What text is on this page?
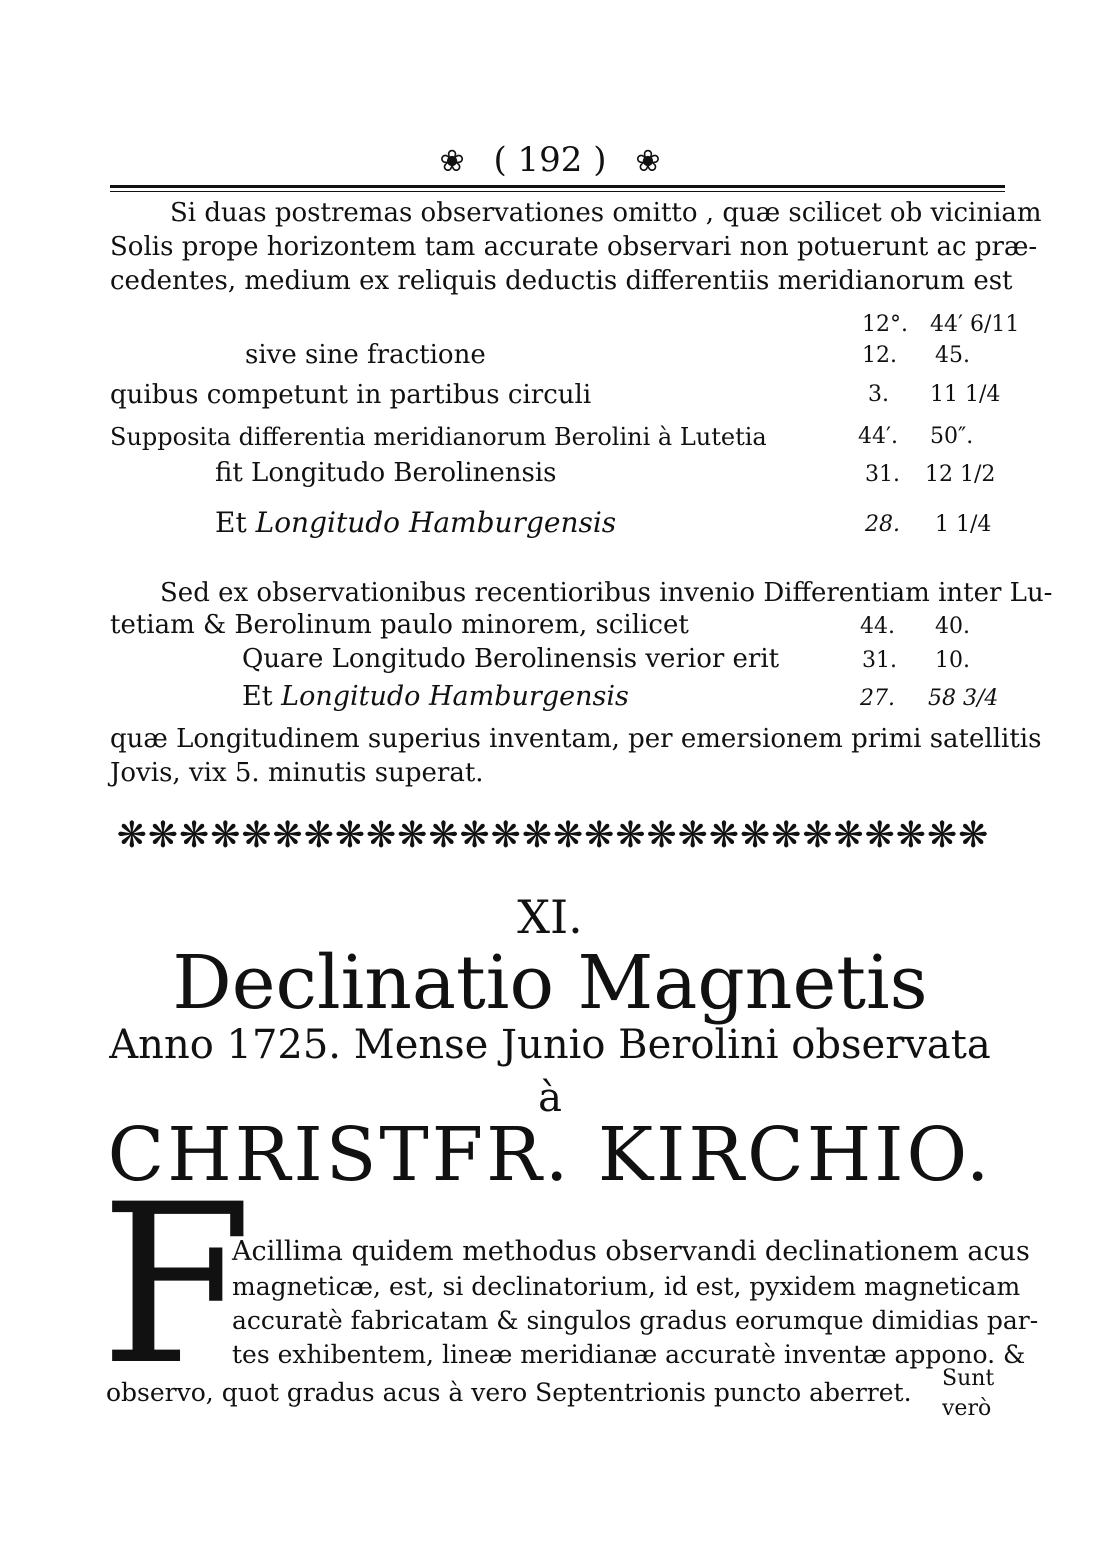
❀ ( 192 ) ❀
Si duas postremas observationes omitto , quæ scilicet ob viciniam
Solis prope horizontem tam accurate observari non potuerunt ac præ-
cedentes, medium ex reliquis deductis differentiis meridianorum est
12°. 44′ 6/11
sive sine fractione	12. 45.
quibus competunt in partibus circuli	3. 11 1/4
Supposita differentia meridianorum Berolini à Lutetia	44′. 50″.
fit Longitudo Berolinensis	31. 12 1/2
Et Longitudo Hamburgensis	28. 1 1/4
Sed ex observationibus recentioribus invenio Differentiam inter Lu-
tetiam & Berolinum paulo minorem, scilicet	44. 40.
Quare Longitudo Berolinensis verior erit	31. 10.
Et Longitudo Hamburgensis	27. 58 3/4
quæ Longitudinem superius inventam, per emersionem primi satellitis
Jovis, vix 5. minutis superat.
❋❋❋❋❋❋❋❋❋❋❋❋❋❋❋❋❋❋❋❋❋❋❋❋❋❋❋❋
XI.
Declinatio Magnetis
Anno 1725. Mense Junio Berolini observata
à
CHRISTFR. KIRCHIO.
F
Acillima quidem methodus observandi declinationem acus
magneticæ, est, si declinatorium, id est, pyxidem magneticam
accuratè fabricatam & singulos gradus eorumque dimidias par-
tes exhibentem, lineæ meridianæ accuratè inventæ appono. &
observo, quot gradus acus à vero Septentrionis puncto aberret. Sunt
verò
